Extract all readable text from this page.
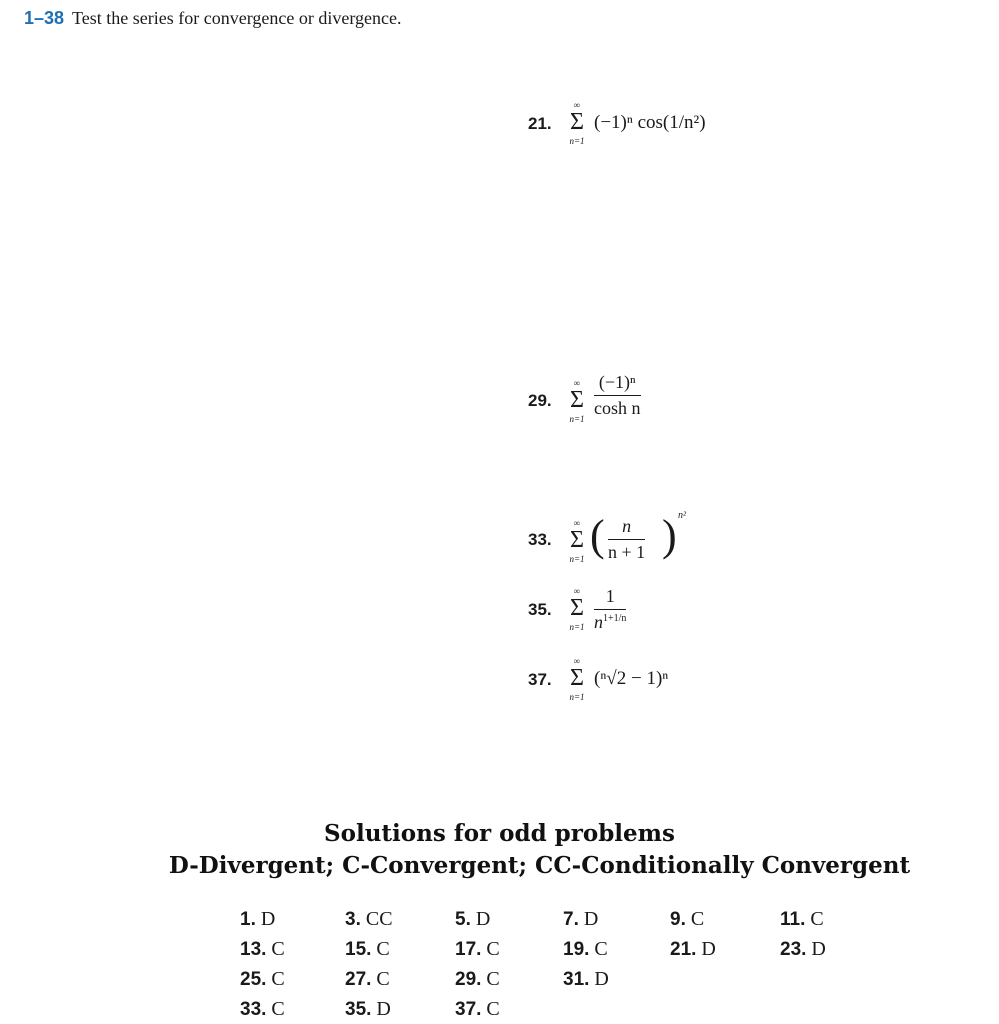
1–38 Test the series for convergence or divergence.
21.
∞
Σ
n=1
(−1)ⁿ cos(1/n²)
29.
∞
Σ
$n=1 \frac{\text{(−1)ⁿ}}{\text{cosh n}}$
33.
∞
Σ
n=1 ( $\frac{n}{n + 1}$ ) n²
35.
∞
Σ
$n=1 \frac{1}{n^{1+1/n}}$
37.
∞
Σ
n=1
(ⁿ√2 − 1)ⁿ
Solutions for odd problems
D-Divergent; C-Convergent; CC-Conditionally Convergent
1. D	3. CC	5. D	7. D	9. C	11. C
13. C	15. C	17. C	19. C	21. D	23. D
25. C	27. C	29. C	31. D
33. C	35. D	37. C
